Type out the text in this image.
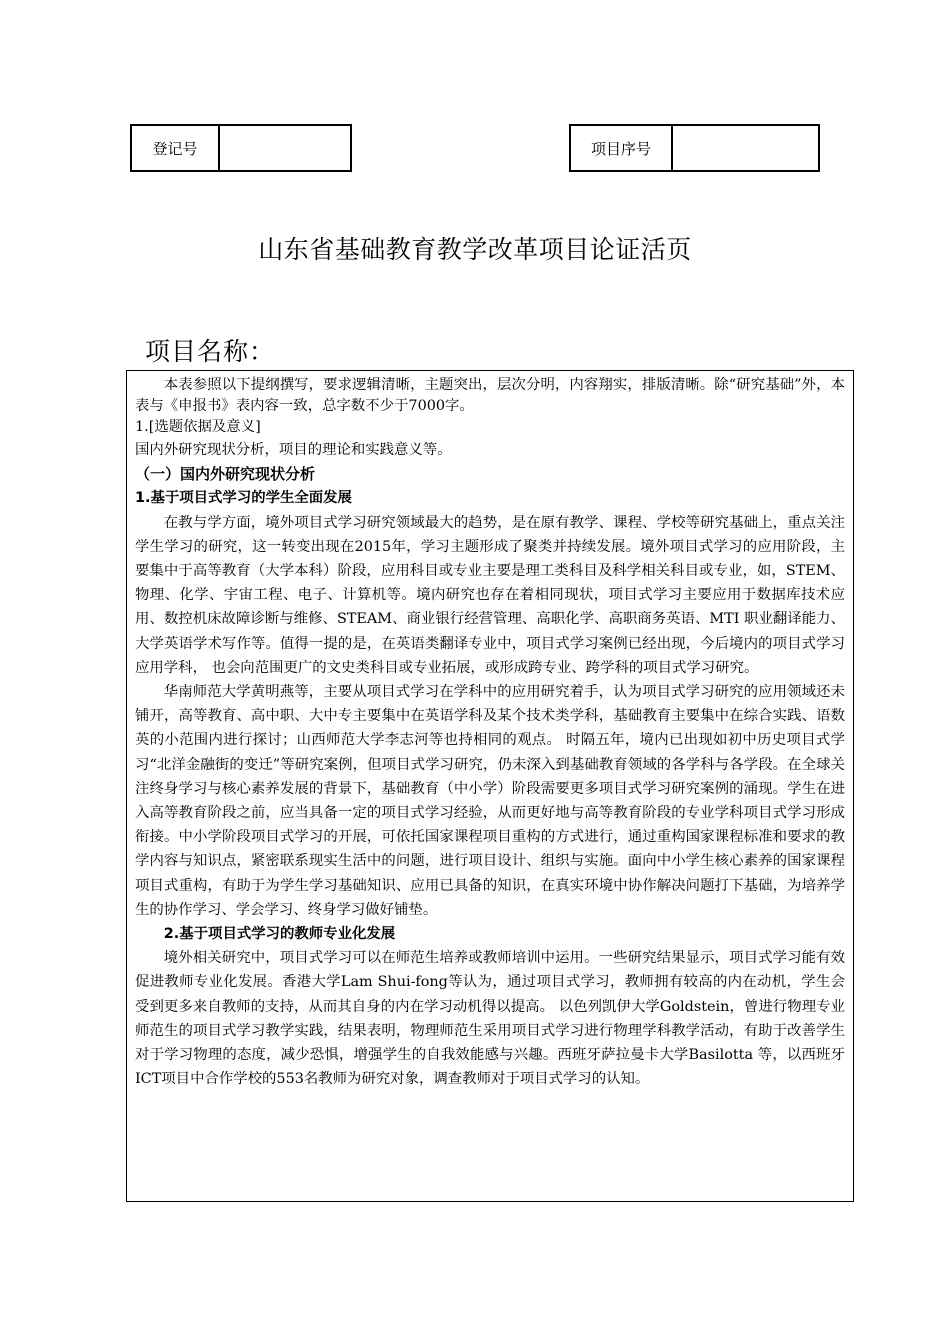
登记号	项目序号
山东省基础教育教学改革项目论证活页
项目名称：

本表参照以下提纲撰写，要求逻辑清晰，主题突出，层次分明，内容翔实，排版清晰。除“研究基础”外，本表与《申报书》表内容一致，总字数不少于7000字。

1.[选题依据及意义]

国内外研究现状分析，项目的理论和实践意义等。

（一）国内外研究现状分析

1.基于项目式学习的学生全面发展

在教与学方面，境外项目式学习研究领域最大的趋势，是在原有教学、课程、学校等研究基础上，重点关注学生学习的研究，这一转变出现在2015年，学习主题形成了聚类并持续发展。境外项目式学习的应用阶段，主要集中于高等教育（大学本科）阶段，应用科目或专业主要是理工类科目及科学相关科目或专业，如，STEM、物理、化学、宇宙工程、电子、计算机等。境内研究也存在着相同现状，项目式学习主要应用于数据库技术应用、数控机床故障诊断与维修、STEAM、商业银行经营管理、高职化学、高职商务英语、MTI 职业翻译能力、大学英语学术写作等。值得一提的是，在英语类翻译专业中，项目式学习案例已经出现，今后境内的项目式学习应用学科， 也会向范围更广的文史类科目或专业拓展，或形成跨专业、跨学科的项目式学习研究。

华南师范大学黄明燕等，主要从项目式学习在学科中的应用研究着手，认为项目式学习研究的应用领域还未铺开，高等教育、高中职、大中专主要集中在英语学科及某个技术类学科，基础教育主要集中在综合实践、语数英的小范围内进行探讨；山西师范大学李志河等也持相同的观点。 时隔五年，境内已出现如初中历史项目式学习“北洋金融街的变迁”等研究案例，但项目式学习研究，仍未深入到基础教育领域的各学科与各学段。在全球关注终身学习与核心素养发展的背景下，基础教育（中小学）阶段需要更多项目式学习研究案例的涌现。学生在进入高等教育阶段之前，应当具备一定的项目式学习经验，从而更好地与高等教育阶段的专业学科项目式学习形成衔接。中小学阶段项目式学习的开展，可依托国家课程项目重构的方式进行，通过重构国家课程标准和要求的教学内容与知识点，紧密联系现实生活中的问题，进行项目设计、组织与实施。面向中小学生核心素养的国家课程项目式重构，有助于为学生学习基础知识、应用已具备的知识，在真实环境中协作解决问题打下基础，为培养学生的协作学习、学会学习、终身学习做好铺垫。

2.基于项目式学习的教师专业化发展

境外相关研究中，项目式学习可以在师范生培养或教师培训中运用。一些研究结果显示，项目式学习能有效促进教师专业化发展。香港大学Lam Shui-fong等认为，通过项目式学习，教师拥有较高的内在动机，学生会受到更多来自教师的支持，从而其自身的内在学习动机得以提高。 以色列凯伊大学Goldstein，曾进行物理专业师范生的项目式学习教学实践，结果表明，物理师范生采用项目式学习进行物理学科教学活动，有助于改善学生对于学习物理的态度，减少恐惧，增强学生的自我效能感与兴趣。西班牙萨拉曼卡大学Basilotta 等，以西班牙ICT项目中合作学校的553名教师为研究对象，调查教师对于项目式学习的认知。
